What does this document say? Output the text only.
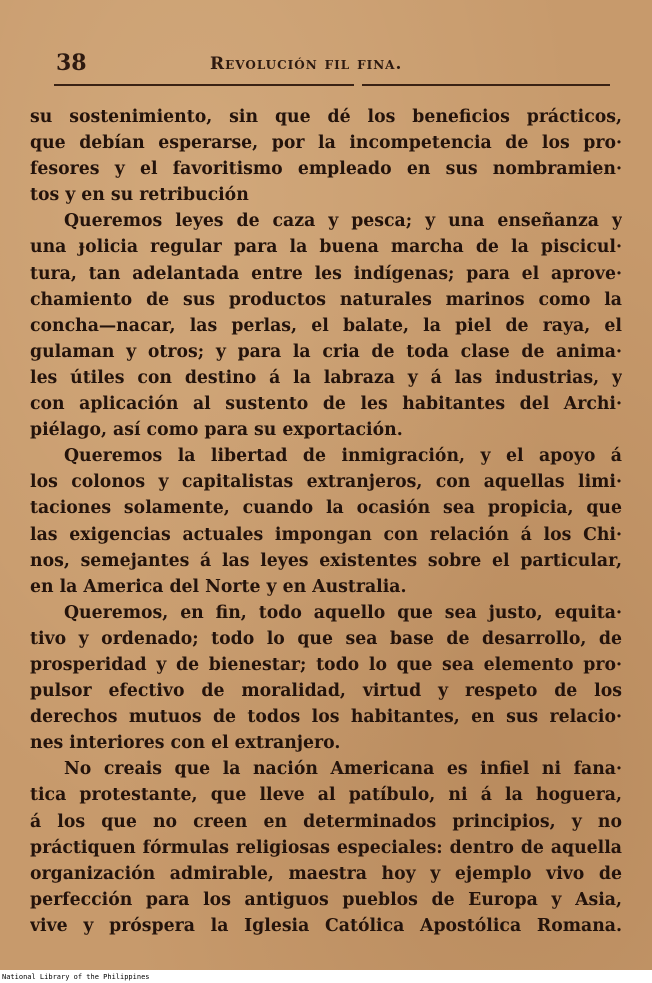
38	Revolución fil fina.
su sostenimiento, sin que dé los beneficios prácticos,
que debían esperarse, por la incompetencia de los pro·
fesores y el favoritismo empleado en sus nombramien·
tos y en su retribución
Queremos leyes de caza y pesca; y una enseñanza y
una ɟolicia regular para la buena marcha de la piscicul·
tura, tan adelantada entre les indígenas; para el aprove·
chamiento de sus productos naturales marinos como la
concha—nacar, las perlas, el balate, la piel de raya, el
gulaman y otros; y para la cria de toda clase de anima·
les útiles con destino á la labraza y á las industrias, y
con aplicación al sustento de les habitantes del Archi·
piélago, así como para su exportación.
Queremos la libertad de inmigración, y el apoyo á
los colonos y capitalistas extranjeros, con aquellas limi·
taciones solamente, cuando la ocasión sea propicia, que
las exigencias actuales impongan con relación á los Chi·
nos, semejantes á las leyes existentes sobre el particular,
en la America del Norte y en Australia.
Queremos, en fin, todo aquello que sea justo, equita·
tivo y ordenado; todo lo que sea base de desarrollo, de
prosperidad y de bienestar; todo lo que sea elemento pro·
pulsor efectivo de moralidad, virtud y respeto de los
derechos mutuos de todos los habitantes, en sus relacio·
nes interiores con el extranjero.
No creais que la nación Americana es infiel ni fana·
tica protestante, que lleve al patíbulo, ni á la hoguera,
á los que no creen en determinados principios, y no
práctiquen fórmulas religiosas especiales: dentro de aquella
organización admirable, maestra hoy y ejemplo vivo de
perfección para los antiguos pueblos de Europa y Asia,
vive y próspera la Iglesia Católica Apostólica Romana.
National Library of the Philippines
